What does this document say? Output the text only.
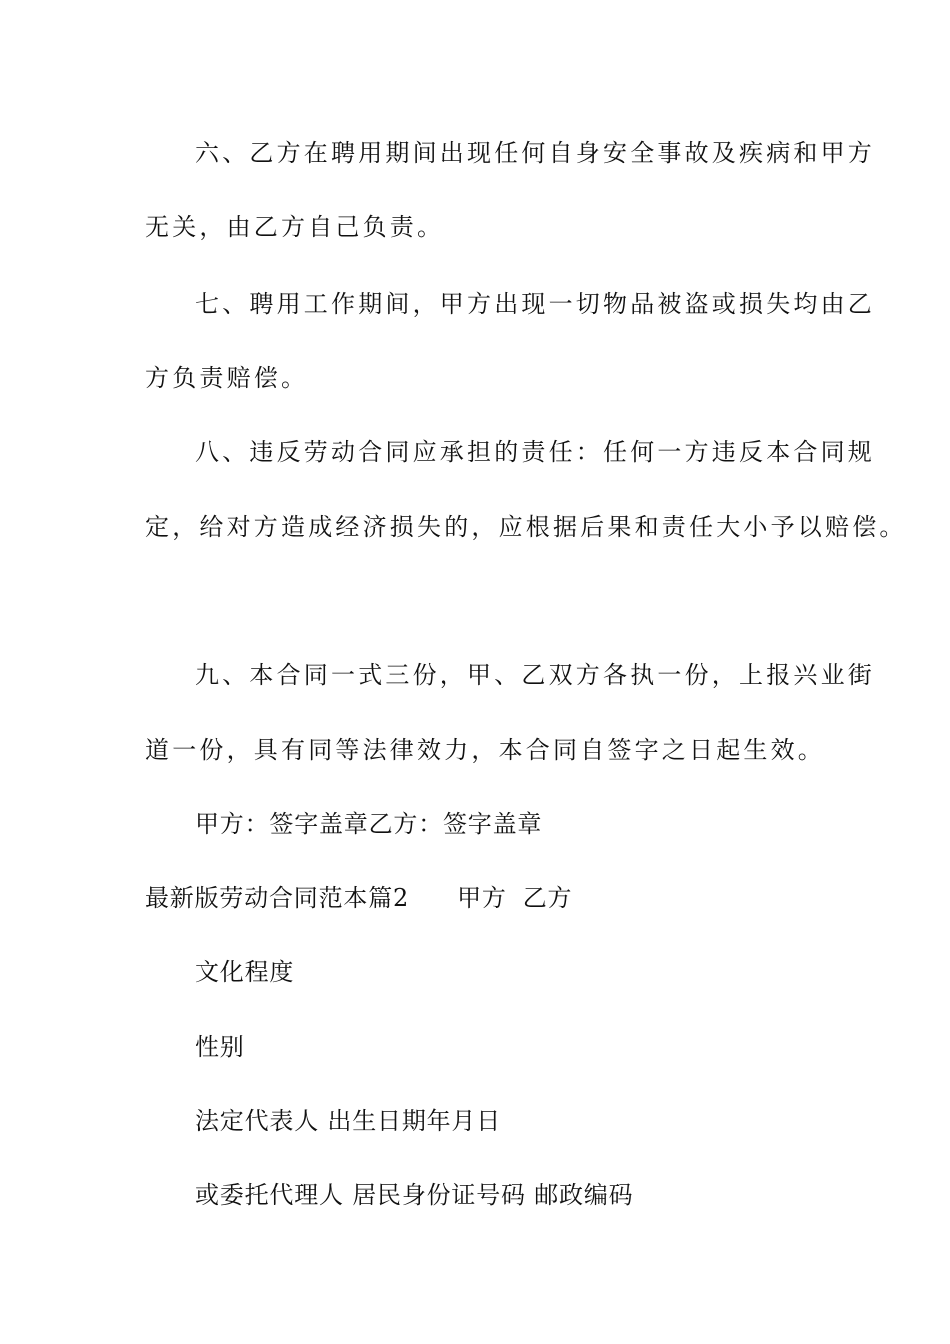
六、乙方在聘用期间出现任何自身安全事故及疾病和甲方
无关，由乙方自己负责。
七、聘用工作期间，甲方出现一切物品被盗或损失均由乙
方负责赔偿。
八、违反劳动合同应承担的责任：任何一方违反本合同规
定，给对方造成经济损失的，应根据后果和责任大小予以赔偿。
九、本合同一式三份，甲、乙双方各执一份，上报兴业街
道一份，具有同等法律效力，本合同自签字之日起生效。
甲方：签字盖章乙方：签字盖章
最新版劳动合同范本篇2 甲方 乙方
文化程度
性别
法定代表人 出生日期年月日
或委托代理人 居民身份证号码 邮政编码
